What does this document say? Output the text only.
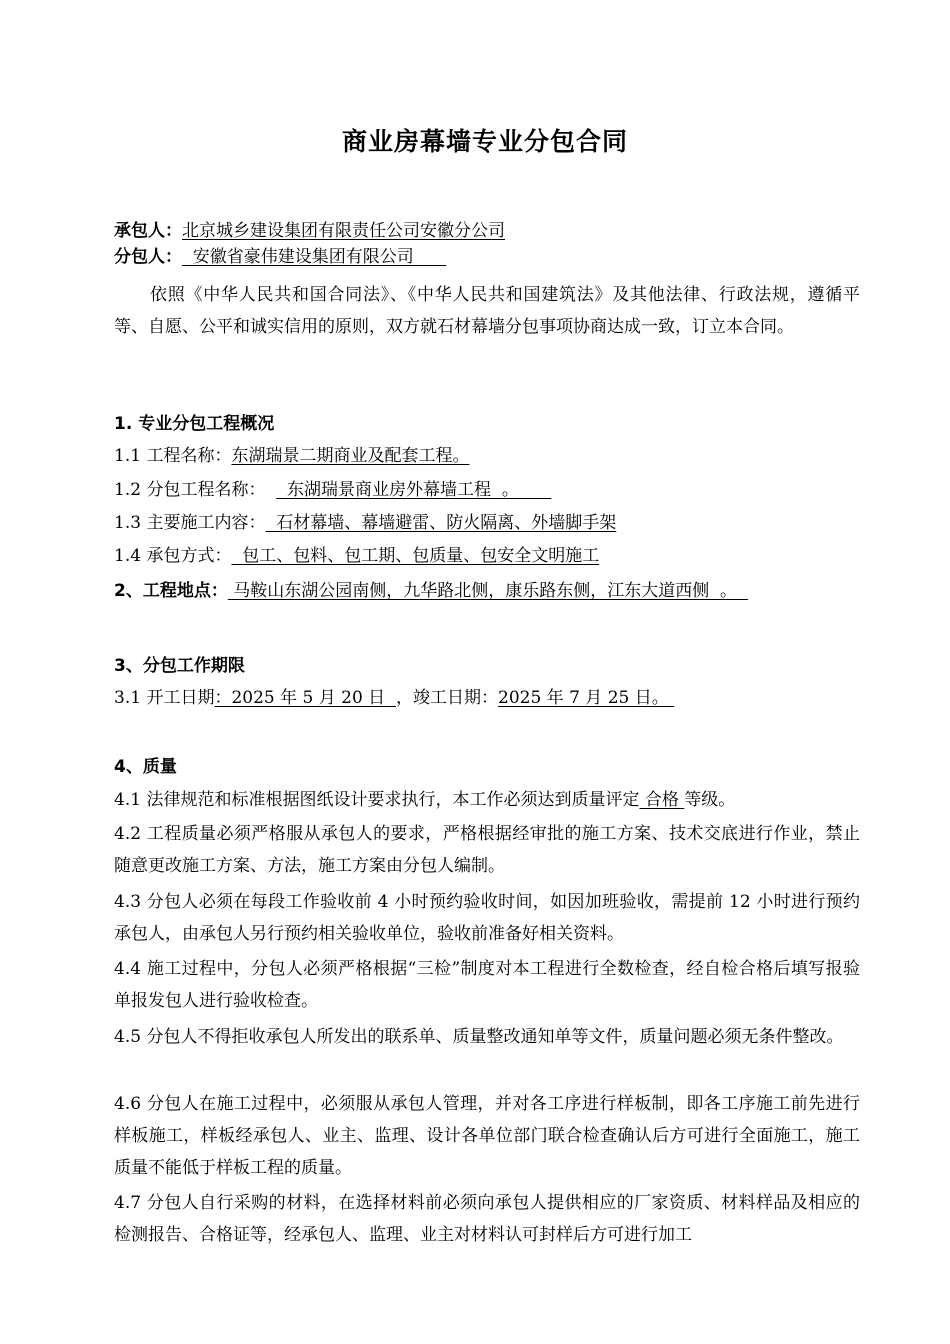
商业房幕墙专业分包合同
承包人：北京城乡建设集团有限责任公司安徽分公司
分包人：  安徽省豪伟建设集团有限公司
依照《中华人民共和国合同法》、《中华人民共和国建筑法》及其他法律、行政法规，遵循平等、自愿、公平和诚实信用的原则，双方就石材幕墙分包事项协商达成一致，订立本合同。
1. 专业分包工程概况
1.1 工程名称：东湖瑞景二期商业及配套工程。
1.2 分包工程名称：    东湖瑞景商业房外幕墙工程  。
1.3 主要施工内容：  石材幕墙、幕墙避雷、防火隔离、外墙脚手架
1.4 承包方式：  包工、包料、包工期、包质量、包安全文明施工
2、工程地点： 马鞍山东湖公园南侧，九华路北侧，康乐路东侧，江东大道西侧  。
3、分包工作期限
3.1 开工日期：2025 年 5 月 20 日  ，竣工日期：2025 年 7 月 25 日。
4、质量
4.1 法律规范和标准根据图纸设计要求执行，本工作必须达到质量评定 合格 等级。
4.2 工程质量必须严格服从承包人的要求，严格根据经审批的施工方案、技术交底进行作业，禁止随意更改施工方案、方法，施工方案由分包人编制。
4.3 分包人必须在每段工作验收前 4 小时预约验收时间，如因加班验收，需提前 12 小时进行预约承包人，由承包人另行预约相关验收单位，验收前准备好相关资料。
4.4 施工过程中，分包人必须严格根据“三检”制度对本工程进行全数检查，经自检合格后填写报验单报发包人进行验收检查。
4.5 分包人不得拒收承包人所发出的联系单、质量整改通知单等文件，质量问题必须无条件整改。
4.6 分包人在施工过程中，必须服从承包人管理，并对各工序进行样板制，即各工序施工前先进行样板施工，样板经承包人、业主、监理、设计各单位部门联合检查确认后方可进行全面施工，施工质量不能低于样板工程的质量。
4.7 分包人自行采购的材料，在选择材料前必须向承包人提供相应的厂家资质、材料样品及相应的检测报告、合格证等，经承包人、监理、业主对材料认可封样后方可进行加工
